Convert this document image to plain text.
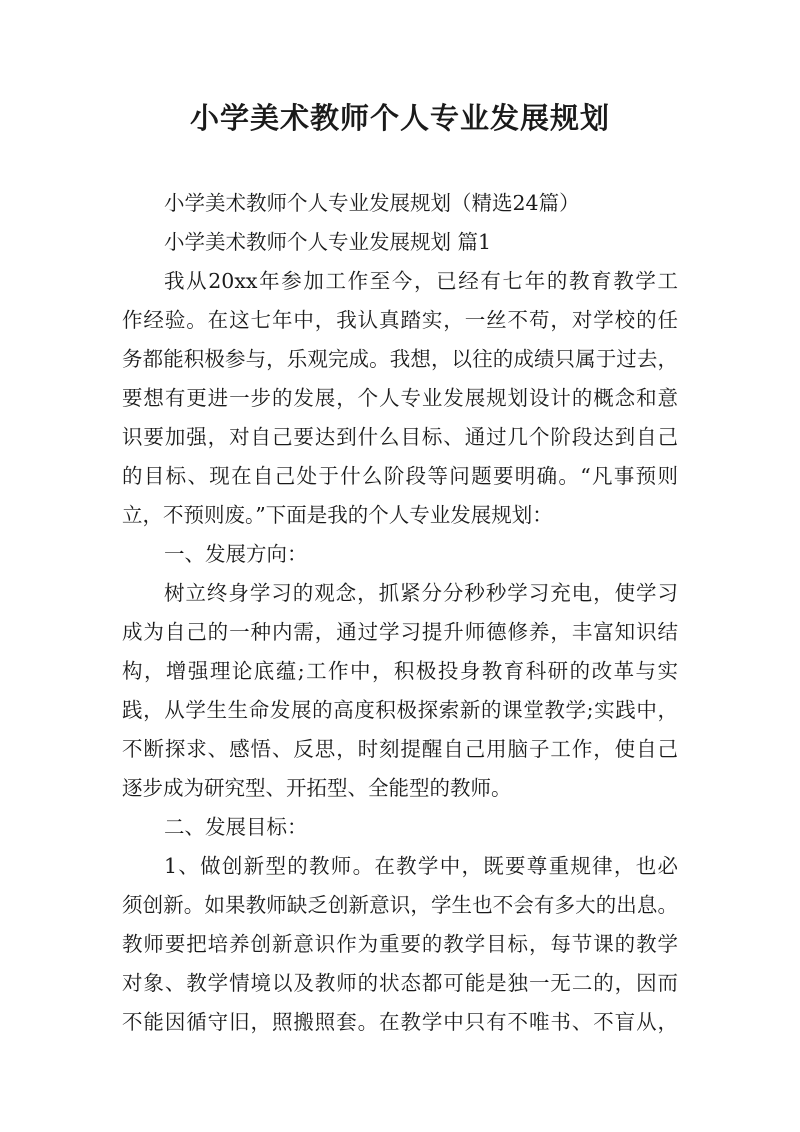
小学美术教师个人专业发展规划
小学美术教师个人专业发展规划（精选24篇）
小学美术教师个人专业发展规划 篇1
我从20xx年参加工作至今，已经有七年的教育教学工
作经验。在这七年中，我认真踏实，一丝不苟，对学校的任
务都能积极参与，乐观完成。我想，以往的成绩只属于过去，
要想有更进一步的发展，个人专业发展规划设计的概念和意
识要加强，对自己要达到什么目标、通过几个阶段达到自己
的目标、现在自己处于什么阶段等问题要明确。“凡事预则
立，不预则废。”下面是我的个人专业发展规划：
一、发展方向：
树立终身学习的观念，抓紧分分秒秒学习充电，使学习
成为自己的一种内需，通过学习提升师德修养，丰富知识结
构，增强理论底蕴;工作中，积极投身教育科研的改革与实
践，从学生生命发展的高度积极探索新的课堂教学;实践中，
不断探求、感悟、反思，时刻提醒自己用脑子工作，使自己
逐步成为研究型、开拓型、全能型的教师。
二、发展目标：
1、做创新型的教师。在教学中，既要尊重规律，也必
须创新。如果教师缺乏创新意识，学生也不会有多大的出息。
教师要把培养创新意识作为重要的教学目标，每节课的教学
对象、教学情境以及教师的状态都可能是独一无二的，因而
不能因循守旧，照搬照套。在教学中只有不唯书、不盲从，
